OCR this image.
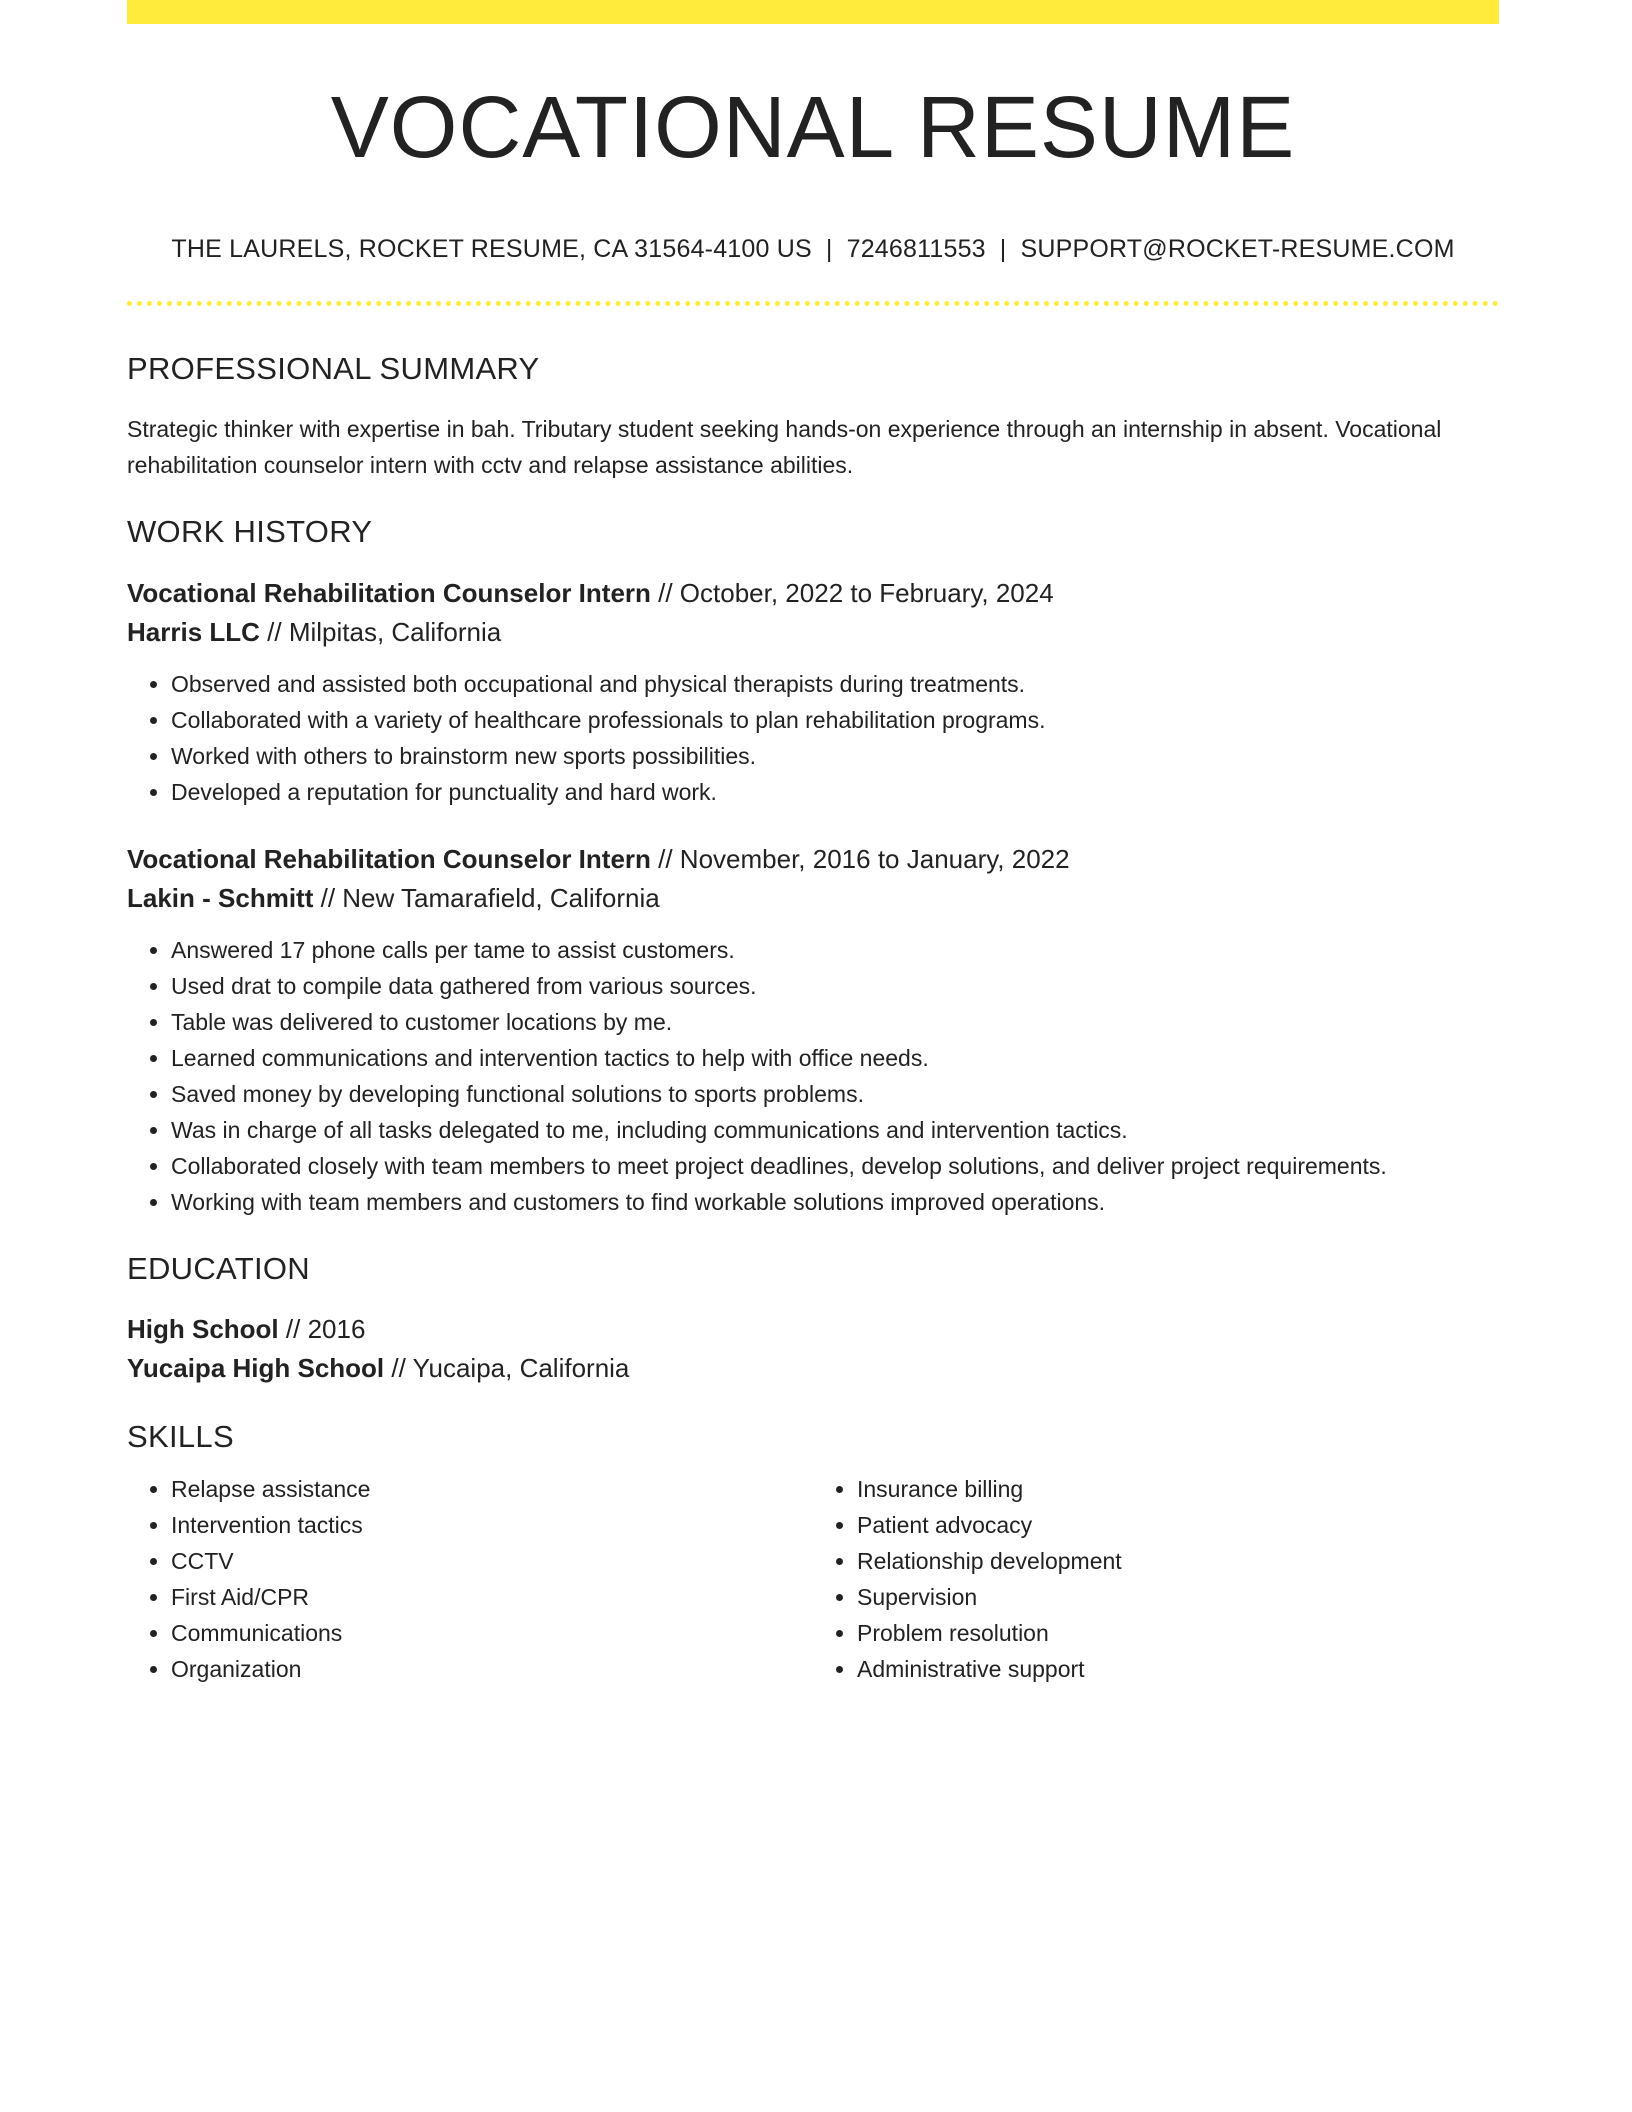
VOCATIONAL RESUME
THE LAURELS, ROCKET RESUME, CA 31564-4100 US | 7246811553 | SUPPORT@ROCKET-RESUME.COM
PROFESSIONAL SUMMARY

Strategic thinker with expertise in bah. Tributary student seeking hands-on experience through an internship in absent. Vocational rehabilitation counselor intern with cctv and relapse assistance abilities.

WORK HISTORY
Vocational Rehabilitation Counselor Intern // October, 2022 to February, 2024
Harris LLC // Milpitas, California
• Observed and assisted both occupational and physical therapists during treatments.
• Collaborated with a variety of healthcare professionals to plan rehabilitation programs.
• Worked with others to brainstorm new sports possibilities.
• Developed a reputation for punctuality and hard work.
Vocational Rehabilitation Counselor Intern // November, 2016 to January, 2022
Lakin - Schmitt // New Tamarafield, California
• Answered 17 phone calls per tame to assist customers.
• Used drat to compile data gathered from various sources.
• Table was delivered to customer locations by me.
• Learned communications and intervention tactics to help with office needs.
• Saved money by developing functional solutions to sports problems.
• Was in charge of all tasks delegated to me, including communications and intervention tactics.
• Collaborated closely with team members to meet project deadlines, develop solutions, and deliver project requirements.
• Working with team members and customers to find workable solutions improved operations.
EDUCATION
High School // 2016
Yucaipa High School // Yucaipa, California
SKILLS
• Relapse assistance
• Intervention tactics
• CCTV
• First Aid/CPR
• Communications
• Organization
• Insurance billing
• Patient advocacy
• Relationship development
• Supervision
• Problem resolution
• Administrative support
